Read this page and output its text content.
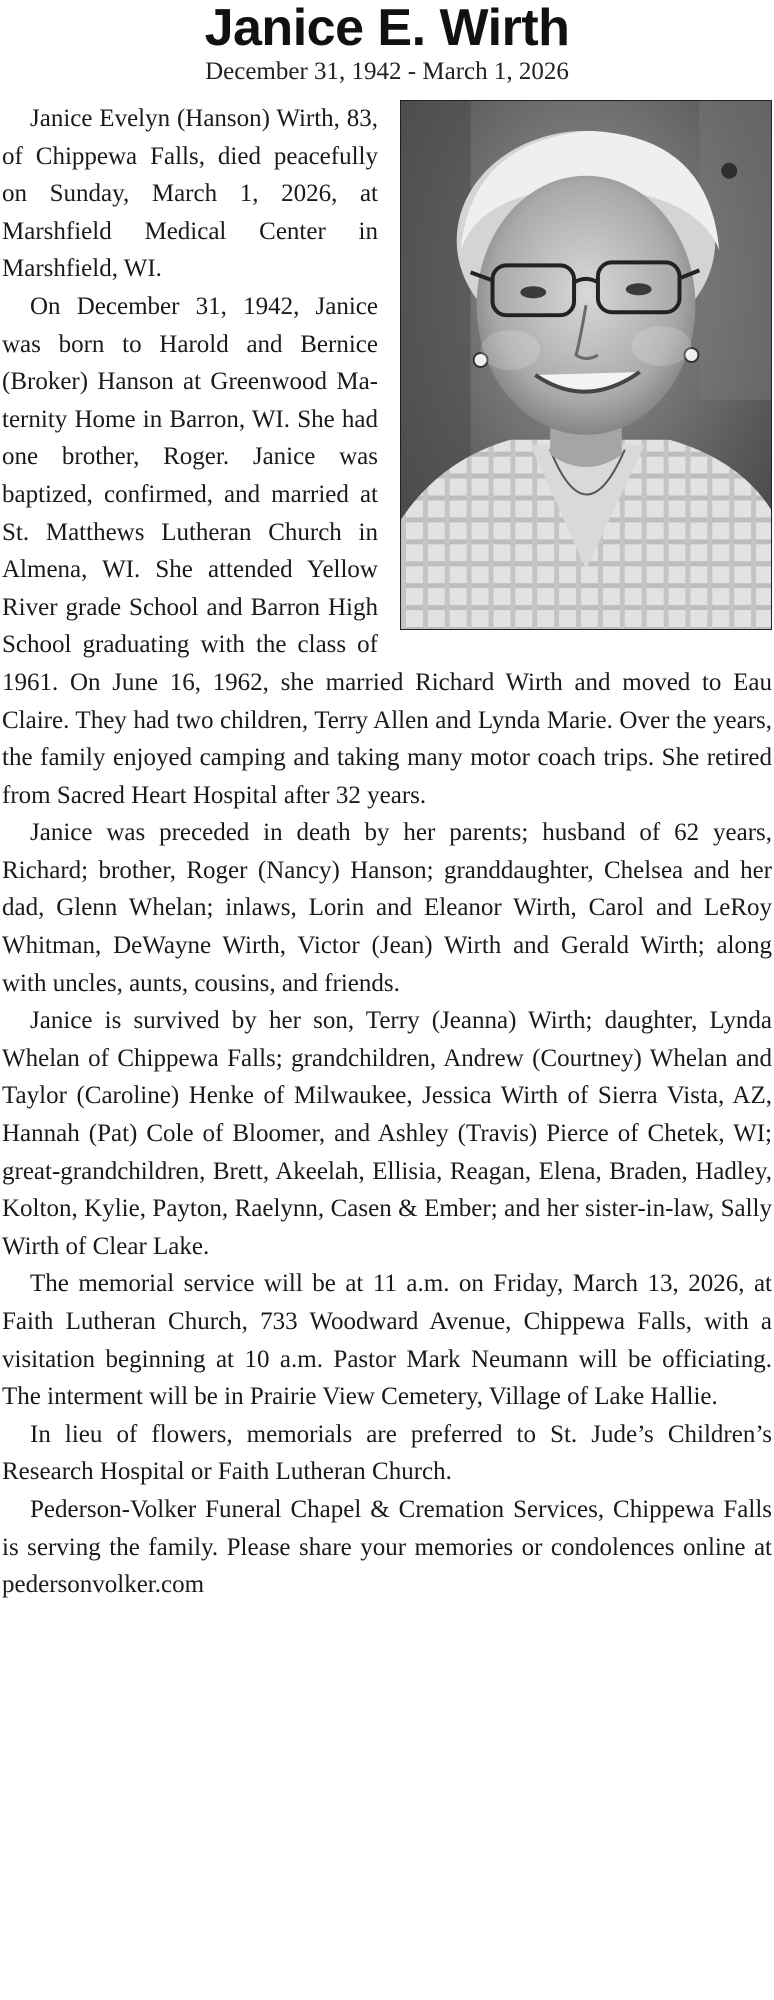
Janice E. Wirth
December 31, 1942 - March 1, 2026

Janice Evelyn (Hanson) Wirth, 83, of Chippewa Falls, died peacefully on Sunday, March 1, 2026, at Marshfield Medical Center in Marshfield, WI.

On December 31, 1942, Janice was born to Harold and Bernice (Broker) Hanson at Greenwood Maternity Home in Barron, WI. She had one brother, Roger. Janice was baptized, confirmed, and married at St. Matthews Lutheran Church in Almena, WI. She attended Yellow River grade School and Barron High School graduating with the class of 1961. On June 16, 1962, she married Richard Wirth and moved to Eau Claire. They had two children, Terry Allen and Lynda Marie. Over the years, the family enjoyed camping and taking many motor coach trips. She retired from Sacred Heart Hospital after 32 years.

Janice was preceded in death by her parents; husband of 62 years, Richard; brother, Roger (Nancy) Hanson; granddaughter, Chelsea and her dad, Glenn Whelan; inlaws, Lorin and Eleanor Wirth, Carol and LeRoy Whitman, DeWayne Wirth, Victor (Jean) Wirth and Gerald Wirth; along with uncles, aunts, cousins, and friends.

Janice is survived by her son, Terry (Jeanna) Wirth; daughter, Lynda Whelan of Chippewa Falls; grandchildren, Andrew (Courtney) Whelan and Taylor (Caroline) Henke of Milwaukee, Jessica Wirth of Sierra Vista, AZ, Hannah (Pat) Cole of Bloomer, and Ashley (Travis) Pierce of Chetek, WI; great-grandchildren, Brett, Akeelah, Ellisia, Reagan, Elena, Braden, Hadley, Kolton, Kylie, Payton, Raelynn, Casen & Ember; and her sister-in-law, Sally Wirth of Clear Lake.

The memorial service will be at 11 a.m. on Friday, March 13, 2026, at Faith Lutheran Church, 733 Woodward Avenue, Chippewa Falls, with a visitation beginning at 10 a.m. Pastor Mark Neumann will be officiating. The interment will be in Prairie View Cemetery, Village of Lake Hallie.

In lieu of flowers, memorials are preferred to St. Jude’s Children’s Research Hospital or Faith Lutheran Church.

Pederson-Volker Funeral Chapel & Cremation Services, Chippewa Falls is serving the family. Please share your memories or condolences online at pedersonvolker.com
